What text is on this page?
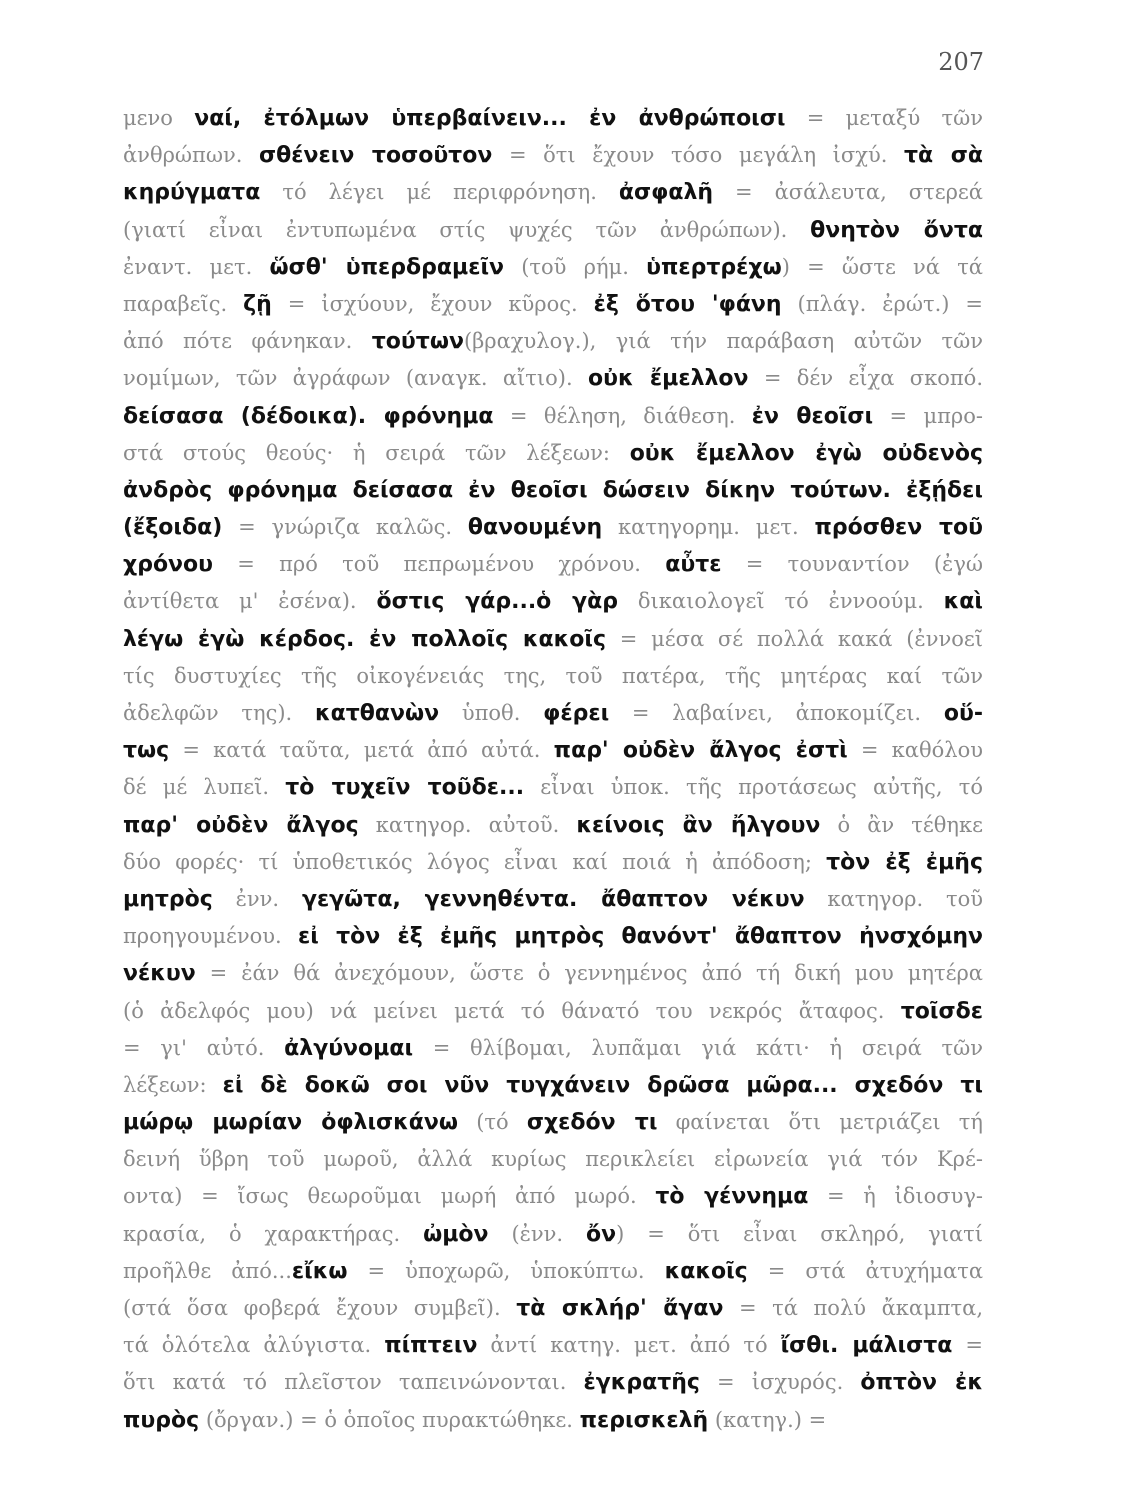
207
μενο ναί, ἐτόλμων ὑπερβαίνειν... ἐν ἀνθρώποισι = μεταξύ τῶν
ἀνθρώπων. σθένειν τοσοῦτον = ὅτι ἔχουν τόσο μεγάλη ἰσχύ. τὰ σὰ
κηρύγματα τό λέγει μέ περιφρόνηση. ἀσφαλῆ = ἀσάλευτα, στερεά
(γιατί εἶναι ἐντυπωμένα στίς ψυχές τῶν ἀνθρώπων). θνητὸν ὄντα
ἐναντ. μετ. ὥσθ' ὑπερδραμεῖν (τοῦ ρήμ. ὑπερτρέχω) = ὥστε νά τά
παραβεῖς. ζῇ = ἰσχύουν, ἔχουν κῦρος. ἐξ ὅτου 'φάνη (πλάγ. ἐρώτ.) =
ἀπό πότε φάνηκαν. τούτων(βραχυλογ.), γιά τήν παράβαση αὐτῶν τῶν
νομίμων, τῶν ἀγράφων (αναγκ. αἴτιο). οὐκ ἔμελλον = δέν εἶχα σκοπό.
δείσασα (δέδοικα). φρόνημα = θέληση, διάθεση. ἐν θεοῖσι = μπρο-
στά στούς θεούς· ἡ σειρά τῶν λέξεων: οὐκ ἔμελλον ἐγὼ οὐδενὸς
ἀνδρὸς φρόνημα δείσασα ἐν θεοῖσι δώσειν δίκην τούτων. ἐξῄδει
(ἔξοιδα) = γνώριζα καλῶς. θανουμένη κατηγορημ. μετ. πρόσθεν τοῦ
χρόνου = πρό τοῦ πεπρωμένου χρόνου. αὖτε = τουναντίον (ἐγώ
ἀντίθετα μ' ἐσένα). ὅστις γάρ...ὁ γὰρ δικαιολογεῖ τό ἐννοούμ. καὶ
λέγω ἐγὼ κέρδος. ἐν πολλοῖς κακοῖς = μέσα σέ πολλά κακά (ἐννοεῖ
τίς δυστυχίες τῆς οἰκογένειάς της, τοῦ πατέρα, τῆς μητέρας καί τῶν
ἀδελφῶν της). κατθανὼν ὑποθ. φέρει = λαβαίνει, ἀποκομίζει. οὕ-
τως = κατά ταῦτα, μετά ἀπό αὐτά. παρ' οὐδὲν ἄλγος ἐστὶ = καθόλου
δέ μέ λυπεῖ. τὸ τυχεῖν τοῦδε... εἶναι ὑποκ. τῆς προτάσεως αὐτῆς, τό
παρ' οὐδὲν ἄλγος κατηγορ. αὐτοῦ. κείνοις ἂν ἤλγουν ὁ ἂν τέθηκε
δύο φορές· τί ὑποθετικός λόγος εἶναι καί ποιά ἡ ἀπόδοση; τὸν ἐξ ἐμῆς
μητρὸς ἐνν. γεγῶτα, γεννηθέντα. ἄθαπτον νέκυν κατηγορ. τοῦ
προηγουμένου. εἰ τὸν ἐξ ἐμῆς μητρὸς θανόντ' ἄθαπτον ἠνσχόμην
νέκυν = ἐάν θά ἀνεχόμουν, ὥστε ὁ γεννημένος ἀπό τή δική μου μητέρα
(ὁ ἀδελφός μου) νά μείνει μετά τό θάνατό του νεκρός ἄταφος. τοῖσδε
= γι' αὐτό. ἀλγύνομαι = θλίβομαι, λυπᾶμαι γιά κάτι· ἡ σειρά τῶν
λέξεων: εἰ δὲ δοκῶ σοι νῦν τυγχάνειν δρῶσα μῶρα... σχεδόν τι
μώρῳ μωρίαν ὀφλισκάνω (τό σχεδόν τι φαίνεται ὅτι μετριάζει τή
δεινή ὕβρη τοῦ μωροῦ, ἀλλά κυρίως περικλείει εἰρωνεία γιά τόν Κρέ-
οντα) = ἴσως θεωροῦμαι μωρή ἀπό μωρό. τὸ γέννημα = ἡ ἰδιοσυγ-
κρασία, ὁ χαρακτήρας. ὠμὸν (ἐνν. ὄν) = ὅτι εἶναι σκληρό, γιατί
προῆλθε ἀπό...εἴκω = ὑποχωρῶ, ὑποκύπτω. κακοῖς = στά ἀτυχήματα
(στά ὅσα φοβερά ἔχουν συμβεῖ). τὰ σκλήρ' ἄγαν = τά πολύ ἄκαμπτα,
τά ὁλότελα ἀλύγιστα. πίπτειν ἀντί κατηγ. μετ. ἀπό τό ἴσθι. μάλιστα =
ὅτι κατά τό πλεῖστον ταπεινώνονται. ἐγκρατῆς = ἰσχυρός. ὀπτὸν ἐκ
πυρὸς (ὄργαν.) = ὁ ὁποῖος πυρακτώθηκε. περισκελῆ (κατηγ.) =
